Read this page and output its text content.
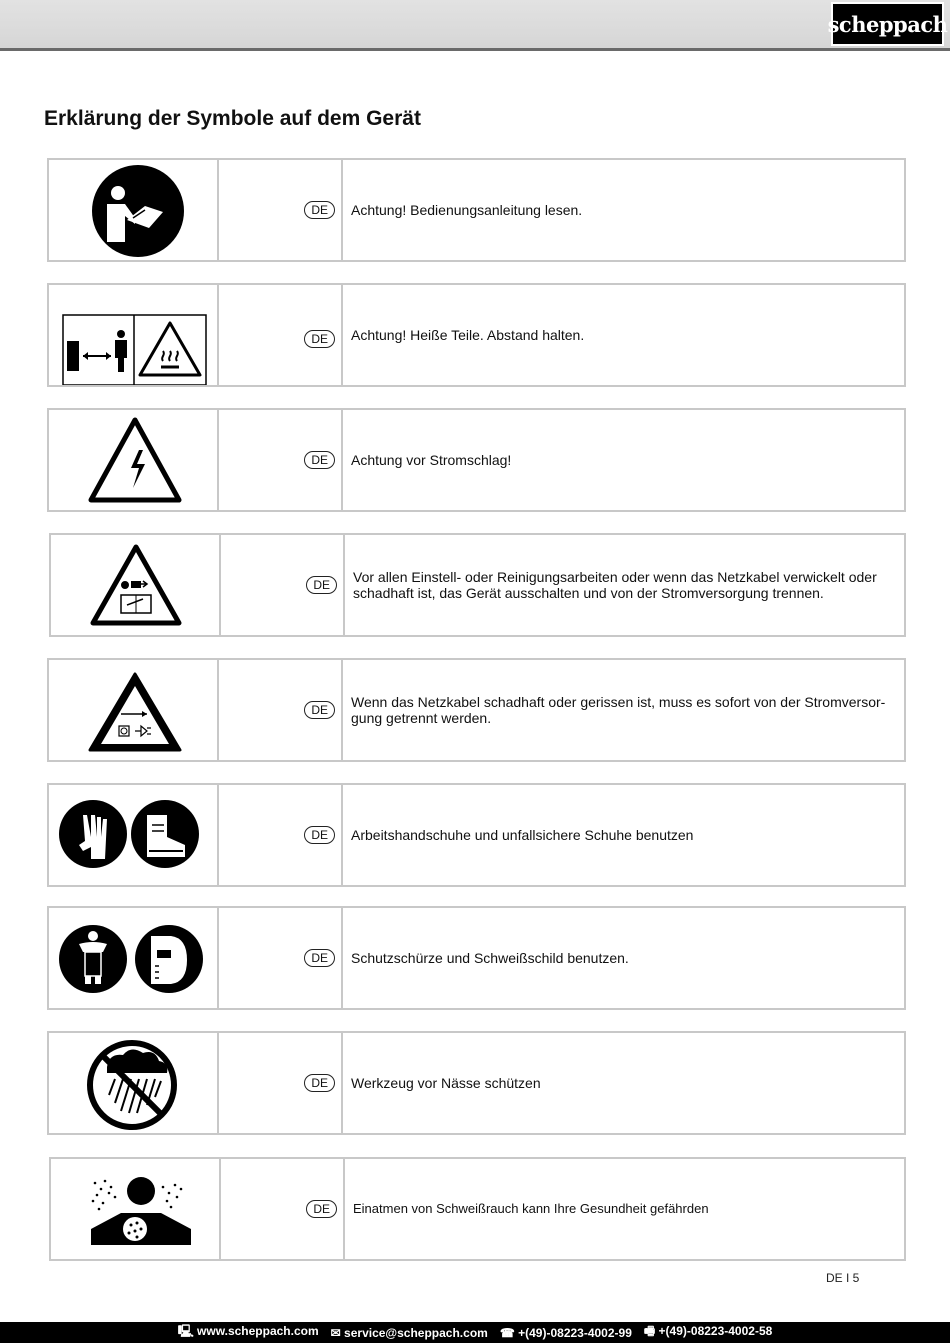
scheppach
Erklärung der Symbole auf dem Gerät
DE	Achtung! Bedienungsanleitung lesen.
DE	Achtung! Heiße Teile. Abstand halten.
DE	Achtung vor Stromschlag!
DE	Vor allen Einstell- oder Reinigungsarbeiten oder wenn das Netzkabel verwickelt oder schadhaft ist, das Gerät ausschalten und von der Stromversorgung trennen.
DE	Wenn das Netzkabel schadhaft oder gerissen ist, muss es sofort von der Stromversor- gung getrennt werden.
DE	Arbeitshandschuhe und unfallsichere Schuhe benutzen
DE	Schutzschürze und Schweißschild benutzen.
DE	Werkzeug vor Nässe schützen
DE	Einatmen von Schweißrauch kann Ihre Gesundheit gefährden
DE I 5
🖳 www.scheppach.com ✉ service@scheppach.com ☎ +(49)-08223-4002-99 🖷 +(49)-08223-4002-58
